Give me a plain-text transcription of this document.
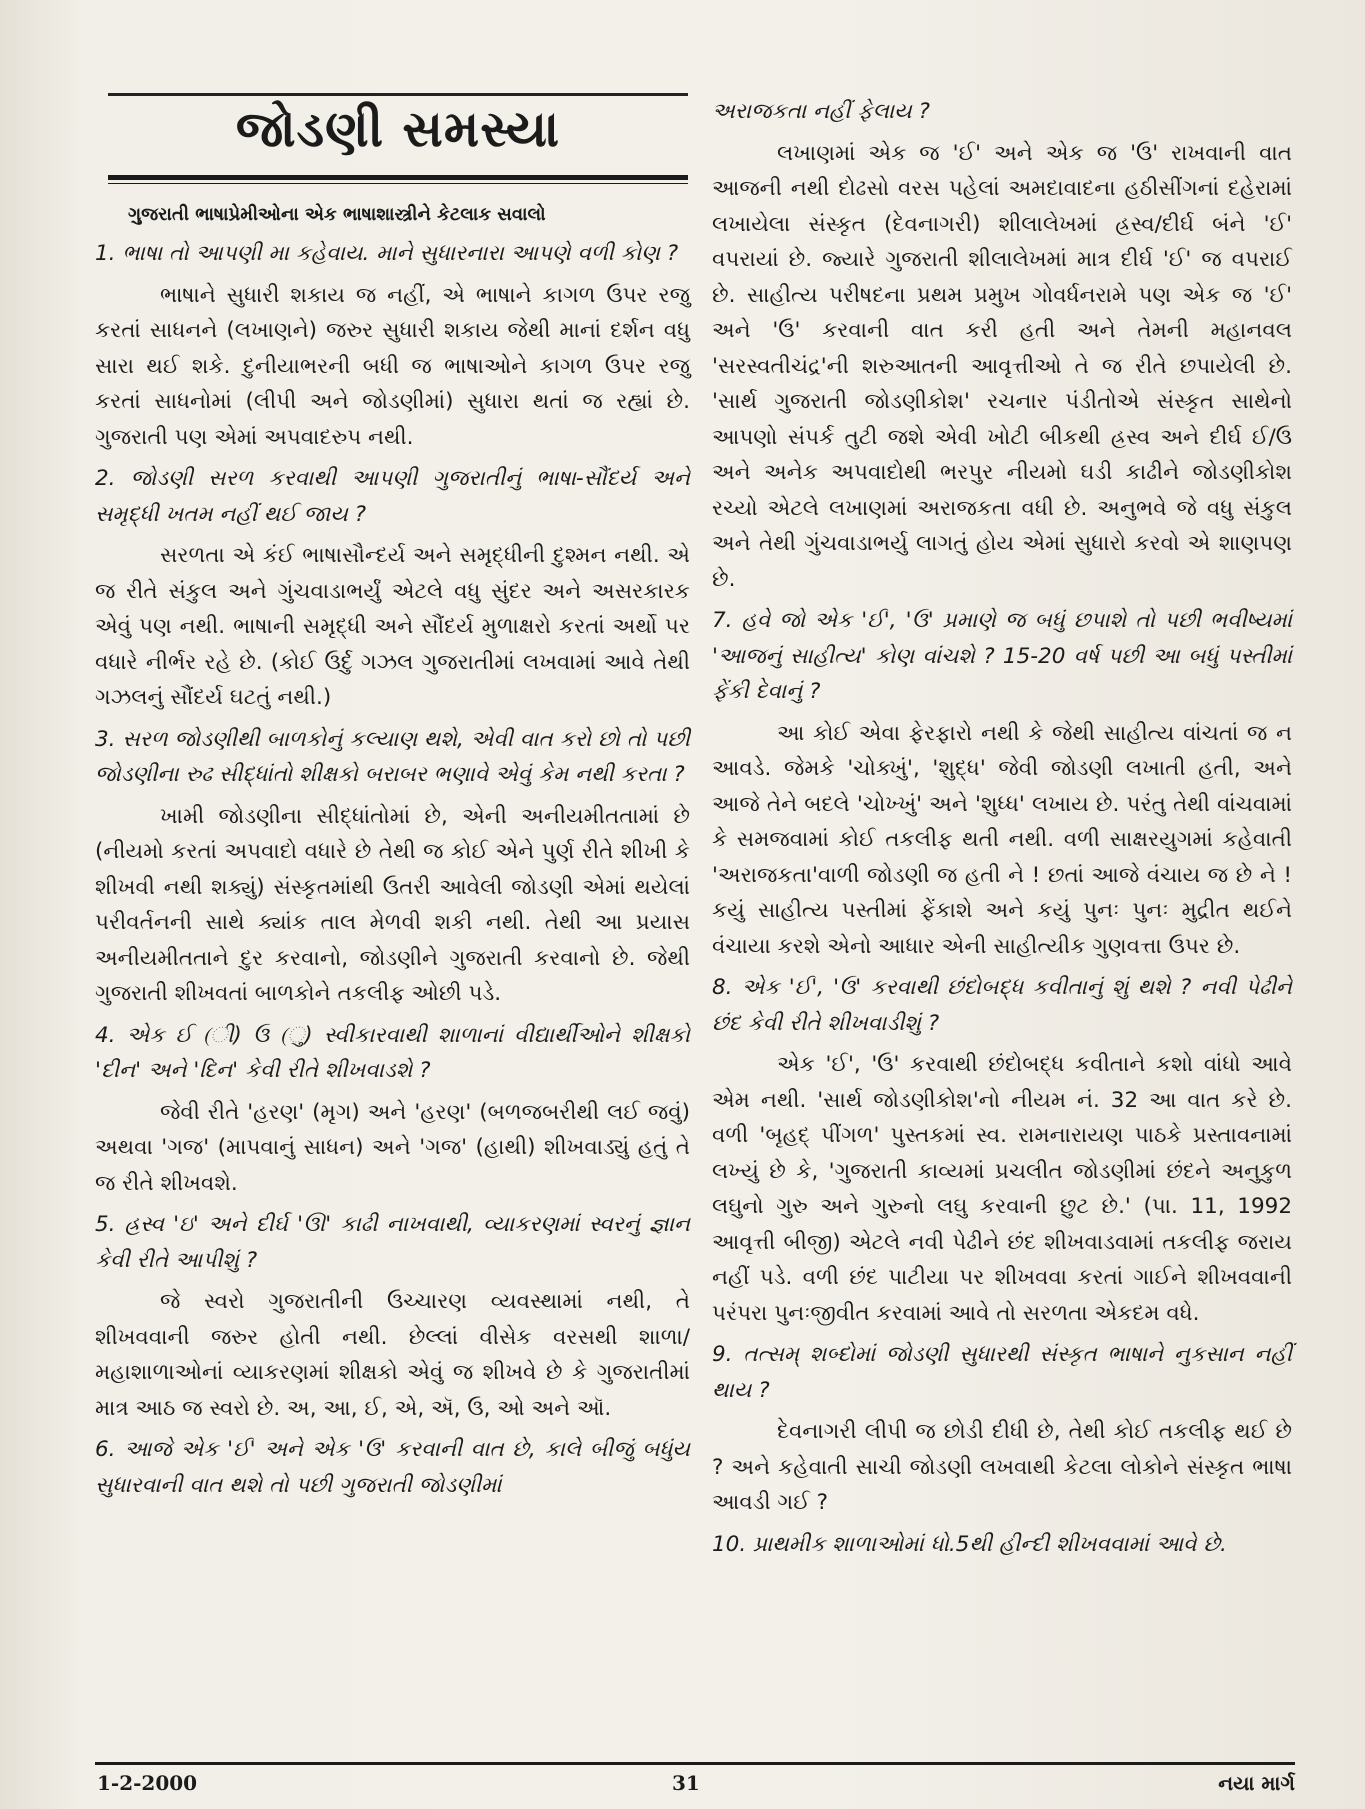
જોડણી સમસ્યા
ગુજરાતી ભાષાપ્રેમીઓના એક ભાષાશાસ્ત્રીને કેટલાક સવાલો
1. ભાષા તો આપણી મા કહેવાય. માને સુધારનારા આપણે વળી કોણ ?
ભાષાને સુધારી શકાય જ નહીં, એ ભાષાને કાગળ ઉપર રજુ કરતાં સાધનને (લખાણને) જરુર સુધારી શકાય જેથી માનાં દર્શન વધુ સારા થઈ શકે. દુનીયાભરની બધી જ ભાષાઓને કાગળ ઉપર રજુ કરતાં સાધનોમાં (લીપી અને જોડણીમાં) સુધારા થતાં જ રહ્યાં છે. ગુજરાતી પણ એમાં અપવાદરુપ નથી.
2. જોડણી સરળ કરવાથી આપણી ગુજરાતીનું ભાષા-સૌંદર્ય અને સમૃદ્ધી ખતમ નહીં થઈ જાય ?
સરળતા એ કંઈ ભાષાસૌન્દર્ય અને સમૃદ્ધીની દુશ્મન નથી. એ જ રીતે સંકુલ અને ગુંચવાડાભર્યું એટલે વધુ સુંદર અને અસરકારક એવું પણ નથી. ભાષાની સમૃદ્ધી અને સૌંદર્ય મુળાક્ષરો કરતાં અર્થો પર વધારે નીર્ભર રહે છે. (કોઈ ઉર્દુ ગઝલ ગુજરાતીમાં લખવામાં આવે તેથી ગઝલનું સૌંદર્ય ઘટતું નથી.)
3. સરળ જોડણીથી બાળકોનું કલ્યાણ થશે, એવી વાત કરો છો તો પછી જોડણીના રુઢ સીદ્ધાંતો શીક્ષકો બરાબર ભણાવે એવું કેમ નથી કરતા ?
ખામી જોડણીના સીદ્ધાંતોમાં છે, એની અનીયમીતતામાં છે (નીયમો કરતાં અપવાદો વધારે છે તેથી જ કોઈ એને પુર્ણ રીતે શીખી કે શીખવી નથી શક્યું) સંસ્કૃતમાંથી ઉતરી આવેલી જોડણી એમાં થયેલાં પરીવર્તનની સાથે ક્યાંક તાલ મેળવી શકી નથી. તેથી આ પ્રયાસ અનીયમીતતાને દુર કરવાનો, જોડણીને ગુજરાતી કરવાનો છે. જેથી ગુજરાતી શીખવતાં બાળકોને તકલીફ ઓછી પડે.
4. એક ઈ (ી) ઉ (ુ) સ્વીકારવાથી શાળાનાં વીદ્યાર્થીઓને શીક્ષકો 'દીન' અને 'દિન' કેવી રીતે શીખવાડશે ?
જેવી રીતે 'હરણ' (મૃગ) અને 'હરણ' (બળજબરીથી લઈ જવું) અથવા 'ગજ' (માપવાનું સાધન) અને 'ગજ' (હાથી) શીખવાડ્યું હતું તે જ રીતે શીખવશે.
5. હ્રસ્વ 'ઇ' અને દીર્ઘ 'ઊ' કાઢી નાખવાથી, વ્યાકરણમાં સ્વરનું જ્ઞાન કેવી રીતે આપીશું ?
જે સ્વરો ગુજરાતીની ઉચ્ચારણ વ્યવસ્થામાં નથી, તે શીખવવાની જરુર હોતી નથી. છેલ્લાં વીસેક વરસથી શાળા/મહાશાળાઓનાં વ્યાકરણમાં શીક્ષકો એવું જ શીખવે છે કે ગુજરાતીમાં માત્ર આઠ જ સ્વરો છે. અ, આ, ઈ, એ, ઍ, ઉ, ઓ અને ઑ.
6. આજે એક 'ઈ' અને એક 'ઉ' કરવાની વાત છે, કાલે બીજું બધુંય સુધારવાની વાત થશે તો પછી ગુજરાતી જોડણીમાં
અરાજકતા નહીં ફેલાય ?
લખાણમાં એક જ 'ઈ' અને એક જ 'ઉ' રાખવાની વાત આજની નથી દોઢસો વરસ પહેલાં અમદાવાદના હઠીસીંગનાં દહેરામાં લખાયેલા સંસ્કૃત (દેવનાગરી) શીલાલેખમાં હ્રસ્વ/દીર્ઘ બંને 'ઈ' વપરાયાં છે. જ્યારે ગુજરાતી શીલાલેખમાં માત્ર દીર્ઘ 'ઈ' જ વપરાઈ છે. સાહીત્ય પરીષદના પ્રથમ પ્રમુખ ગોવર્ધનરામે પણ એક જ 'ઈ' અને 'ઉ' કરવાની વાત કરી હતી અને તેમની મહાનવલ 'સરસ્વતીચંદ્ર'ની શરુઆતની આવૃત્તીઓ તે જ રીતે છપાયેલી છે. 'સાર્થ ગુજરાતી જોડણીકોશ' રચનાર પંડીતોએ સંસ્કૃત સાથેનો આપણો સંપર્ક તુટી જશે એવી ખોટી બીકથી હ્રસ્વ અને દીર્ઘ ઈ/ઉ અને અનેક અપવાદોથી ભરપુર નીયમો ઘડી કાઢીને જોડણીકોશ રચ્યો એટલે લખાણમાં અરાજકતા વધી છે. અનુભવે જે વધુ સંકુલ અને તેથી ગુંચવાડાભર્યુ લાગતું હોય એમાં સુધારો કરવો એ શાણપણ છે.
7. હવે જો એક 'ઈ', 'ઉ' પ્રમાણે જ બધું છપાશે તો પછી ભવીષ્યમાં 'આજનું સાહીત્ય' કોણ વાંચશે ? 15-20 વર્ષ પછી આ બધું પસ્તીમાં ફેંકી દેવાનું ?
આ કોઈ એવા ફેરફારો નથી કે જેથી સાહીત્ય વાંચતાં જ ન આવડે. જેમકે 'ચોક્ખું', 'શુદ્ધ' જેવી જોડણી લખાતી હતી, અને આજે તેને બદલે 'ચોખ્ખું' અને 'શુધ્ધ' લખાય છે. પરંતુ તેથી વાંચવામાં કે સમજવામાં કોઈ તકલીફ થતી નથી. વળી સાક્ષરયુગમાં કહેવાતી 'અરાજકતા'વાળી જોડણી જ હતી ને ! છતાં આજે વંચાય જ છે ને ! કયું સાહીત્ય પસ્તીમાં ફેંકાશે અને કયું પુનઃ પુનઃ મુદ્રીત થઈને વંચાયા કરશે એનો આધાર એની સાહીત્યીક ગુણવત્તા ઉપર છે.
8. એક 'ઈ', 'ઉ' કરવાથી છંદોબદ્ધ કવીતાનું શું થશે ? નવી પેઢીને છંદ કેવી રીતે શીખવાડીશું ?
એક 'ઈ', 'ઉ' કરવાથી છંદોબદ્ધ કવીતાને કશો વાંધો આવે એમ નથી. 'સાર્થ જોડણીકોશ'નો નીયમ નં. 32 આ વાત કરે છે. વળી 'બૃહદ્ પીંગળ' પુસ્તકમાં સ્વ. રામનારાયણ પાઠકે પ્રસ્તાવનામાં લખ્યું છે કે, 'ગુજરાતી કાવ્યમાં પ્રચલીત જોડણીમાં છંદને અનુકુળ લઘુનો ગુરુ અને ગુરુનો લઘુ કરવાની છુટ છે.' (પા. 11, 1992 આવૃત્તી બીજી) એટલે નવી પેઢીને છંદ શીખવાડવામાં તકલીફ જરાય નહીં પડે. વળી છંદ પાટીયા પર શીખવવા કરતાં ગાઈને શીખવવાની પરંપરા પુનઃજીવીત કરવામાં આવે તો સરળતા એકદમ વધે.
9. તત્સમ્ શબ્દોમાં જોડણી સુધારથી સંસ્કૃત ભાષાને નુકસાન નહીં થાય ?
દેવનાગરી લીપી જ છોડી દીધી છે, તેથી કોઈ તકલીફ થઈ છે ? અને કહેવાતી સાચી જોડણી લખવાથી કેટલા લોકોને સંસ્કૃત ભાષા આવડી ગઈ ?
10. પ્રાથમીક શાળાઓમાં ધો.5થી હીન્દી શીખવવામાં આવે છે.
1-2-2000	31	નયા માર્ગ
